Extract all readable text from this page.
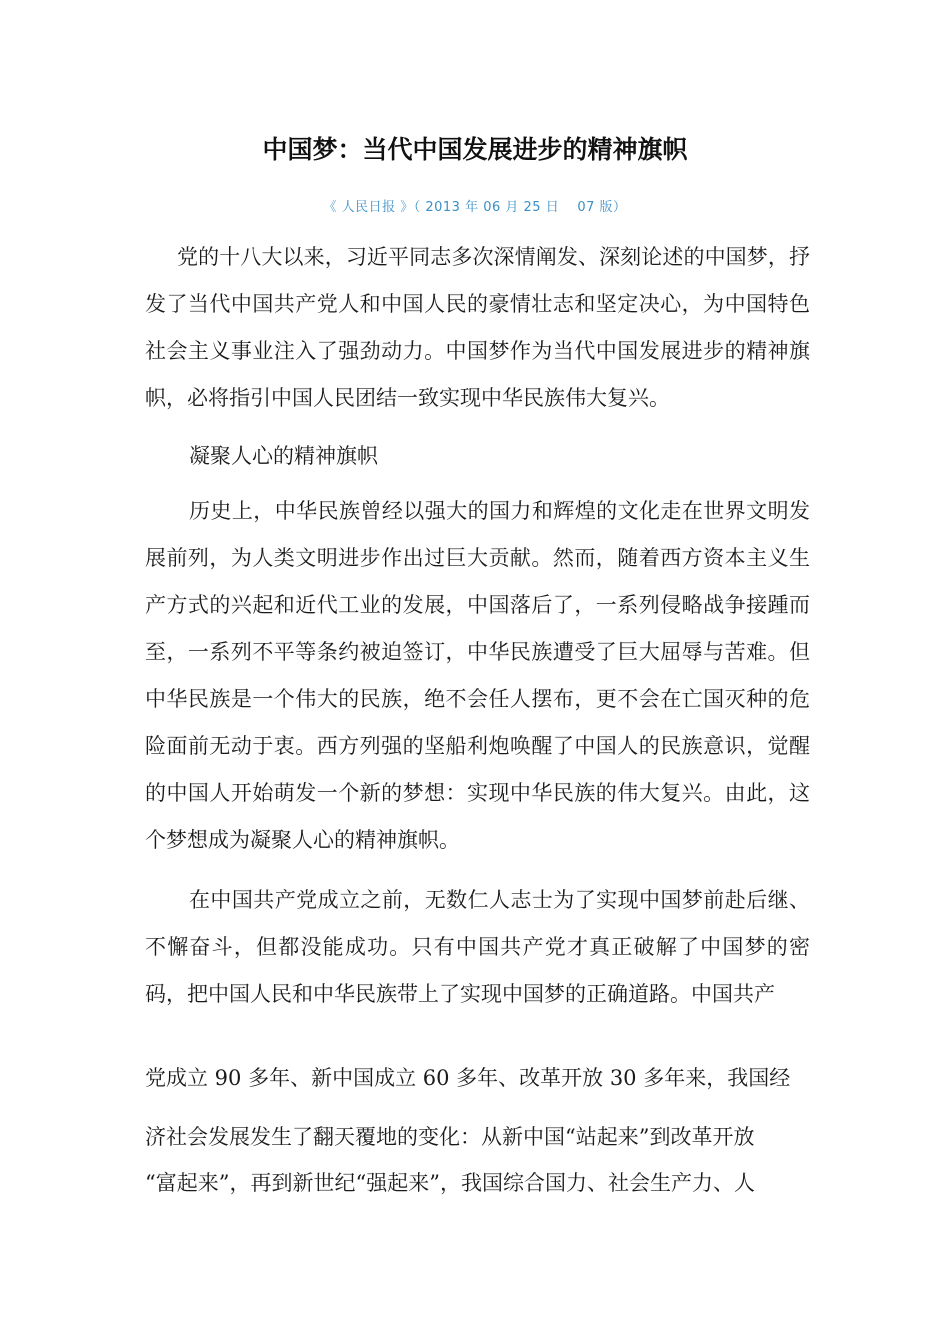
中国梦：当代中国发展进步的精神旗帜
《 人民日报 》（ 2013 年 06 月 25 日　 07 版）
党的十八大以来，习近平同志多次深情阐发、深刻论述的中国梦，抒发了当代中国共产党人和中国人民的豪情壮志和坚定决心，为中国特色社会主义事业注入了强劲动力。中国梦作为当代中国发展进步的精神旗帜，必将指引中国人民团结一致实现中华民族伟大复兴。
凝聚人心的精神旗帜
历史上，中华民族曾经以强大的国力和辉煌的文化走在世界文明发展前列，为人类文明进步作出过巨大贡献。然而，随着西方资本主义生产方式的兴起和近代工业的发展，中国落后了，一系列侵略战争接踵而至，一系列不平等条约被迫签订，中华民族遭受了巨大屈辱与苦难。但中华民族是一个伟大的民族，绝不会任人摆布，更不会在亡国灭种的危险面前无动于衷。西方列强的坚船利炮唤醒了中国人的民族意识，觉醒的中国人开始萌发一个新的梦想：实现中华民族的伟大复兴。由此，这个梦想成为凝聚人心的精神旗帜。
在中国共产党成立之前，无数仁人志士为了实现中国梦前赴后继、不懈奋斗，但都没能成功。只有中国共产党才真正破解了中国梦的密码，把中国人民和中华民族带上了实现中国梦的正确道路。中国共产
党成立 90 多年、新中国成立 60 多年、改革开放 30 多年来，我国经
济社会发展发生了翻天覆地的变化：从新中国“站起来”到改革开放
“富起来”，再到新世纪“强起来”，我国综合国力、社会生产力、人
